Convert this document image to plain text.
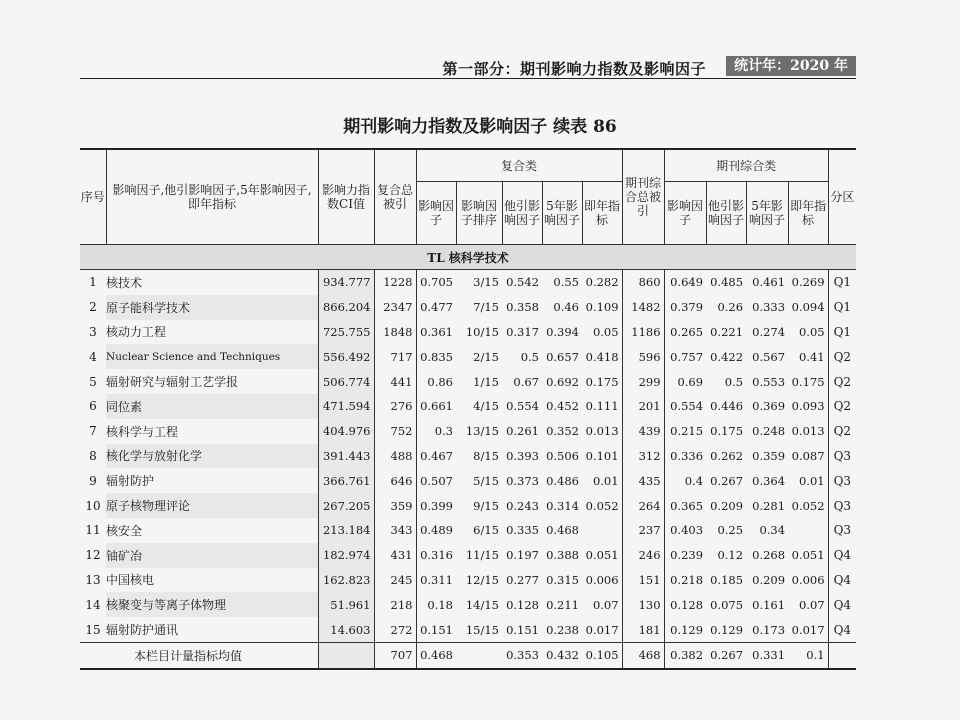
第一部分：期刊影响力指数及影响因子	统计年：2020 年
期刊影响力指数及影响因子 续表 86
序号	影响因子,他引影响因子,5年影响因子,即年指标	影响力指数CI值	复合总被引	复合类					期刊综合总被引	期刊综合类				分区
				影响因子	影响因子排序	他引影响因子	5年影响因子	即年指标		影响因子	他引影响因子	5年影响因子	即年指标	
TL 核科学技术														
1	核技术	934.777	1228	0.705	3/15	0.542	0.55	0.282	860	0.649	0.485	0.461	0.269	Q1
2	原子能科学技术	866.204	2347	0.477	7/15	0.358	0.46	0.109	1482	0.379	0.26	0.333	0.094	Q1
3	核动力工程	725.755	1848	0.361	10/15	0.317	0.394	0.05	1186	0.265	0.221	0.274	0.05	Q1
4	Nuclear Science and Techniques	556.492	717	0.835	2/15	0.5	0.657	0.418	596	0.757	0.422	0.567	0.41	Q2
5	辐射研究与辐射工艺学报	506.774	441	0.86	1/15	0.67	0.692	0.175	299	0.69	0.5	0.553	0.175	Q2
6	同位素	471.594	276	0.661	4/15	0.554	0.452	0.111	201	0.554	0.446	0.369	0.093	Q2
7	核科学与工程	404.976	752	0.3	13/15	0.261	0.352	0.013	439	0.215	0.175	0.248	0.013	Q2
8	核化学与放射化学	391.443	488	0.467	8/15	0.393	0.506	0.101	312	0.336	0.262	0.359	0.087	Q3
9	辐射防护	366.761	646	0.507	5/15	0.373	0.486	0.01	435	0.4	0.267	0.364	0.01	Q3
10	原子核物理评论	267.205	359	0.399	9/15	0.243	0.314	0.052	264	0.365	0.209	0.281	0.052	Q3
11	核安全	213.184	343	0.489	6/15	0.335	0.468		237	0.403	0.25	0.34		Q3
12	铀矿冶	182.974	431	0.316	11/15	0.197	0.388	0.051	246	0.239	0.12	0.268	0.051	Q4
13	中国核电	162.823	245	0.311	12/15	0.277	0.315	0.006	151	0.218	0.185	0.209	0.006	Q4
14	核聚变与等离子体物理	51.961	218	0.18	14/15	0.128	0.211	0.07	130	0.128	0.075	0.161	0.07	Q4
15	辐射防护通讯	14.603	272	0.151	15/15	0.151	0.238	0.017	181	0.129	0.129	0.173	0.017	Q4
	本栏目计量指标均值		707	0.468		0.353	0.432	0.105	468	0.382	0.267	0.331	0.1	
